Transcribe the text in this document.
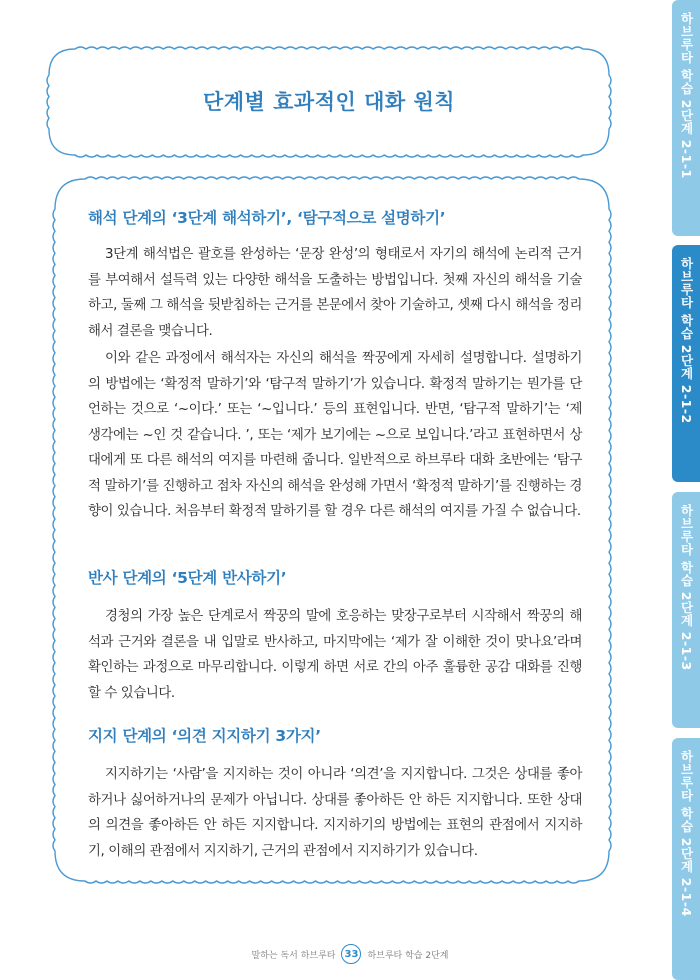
단계별 효과적인 대화 원칙
해석 단계의 ‘3단계 해석하기’, ‘탐구적으로 설명하기’
3단계 해석법은 괄호를 완성하는 ‘문장 완성’의 형태로서 자기의 해석에 논리적 근거를 부여해서 설득력 있는 다양한 해석을 도출하는 방법입니다. 첫째 자신의 해석을 기술하고, 둘째 그 해석을 뒷받침하는 근거를 본문에서 찾아 기술하고, 셋째 다시 해석을 정리해서 결론을 맺습니다.
이와 같은 과정에서 해석자는 자신의 해석을 짝꿍에게 자세히 설명합니다. 설명하기의 방법에는 ‘확정적 말하기’와 ‘탐구적 말하기’가 있습니다. 확정적 말하기는 뭔가를 단언하는 것으로 ‘~이다.’ 또는 ‘~입니다.’ 등의 표현입니다. 반면, ‘탐구적 말하기’는 ‘제 생각에는 ~인 것 같습니다. ’, 또는 ‘제가 보기에는 ~으로 보입니다.’라고 표현하면서 상대에게 또 다른 해석의 여지를 마련해 줍니다. 일반적으로 하브루타 대화 초반에는 ‘탐구적 말하기’를 진행하고 점차 자신의 해석을 완성해 가면서 ‘확정적 말하기’를 진행하는 경향이 있습니다. 처음부터 확정적 말하기를 할 경우 다른 해석의 여지를 가질 수 없습니다.
반사 단계의 ‘5단계 반사하기’
경청의 가장 높은 단계로서 짝꿍의 말에 호응하는 맞장구로부터 시작해서 짝꿍의 해석과 근거와 결론을 내 입말로 반사하고, 마지막에는 ‘제가 잘 이해한 것이 맞나요’라며 확인하는 과정으로 마무리합니다. 이렇게 하면 서로 간의 아주 훌륭한 공감 대화를 진행할 수 있습니다.
지지 단계의 ‘의견 지지하기 3가지’
지지하기는 ‘사람’을 지지하는 것이 아니라 ‘의견’을 지지합니다. 그것은 상대를 좋아하거나 싫어하거나의 문제가 아닙니다. 상대를 좋아하든 안 하든 지지합니다. 또한 상대의 의견을 좋아하든 안 하든 지지합니다. 지지하기의 방법에는 표현의 관점에서 지지하기, 이해의 관점에서 지지하기, 근거의 관점에서 지지하기가 있습니다.
하브루타 학습 2단계 2-1-1
하브루타 학습 2단계 2-1-2
하브루타 학습 2단계 2-1-3
하브루타 학습 2단계 2-1-4
말하는 독서 하브루타 33	하브루타 학습 2단계
